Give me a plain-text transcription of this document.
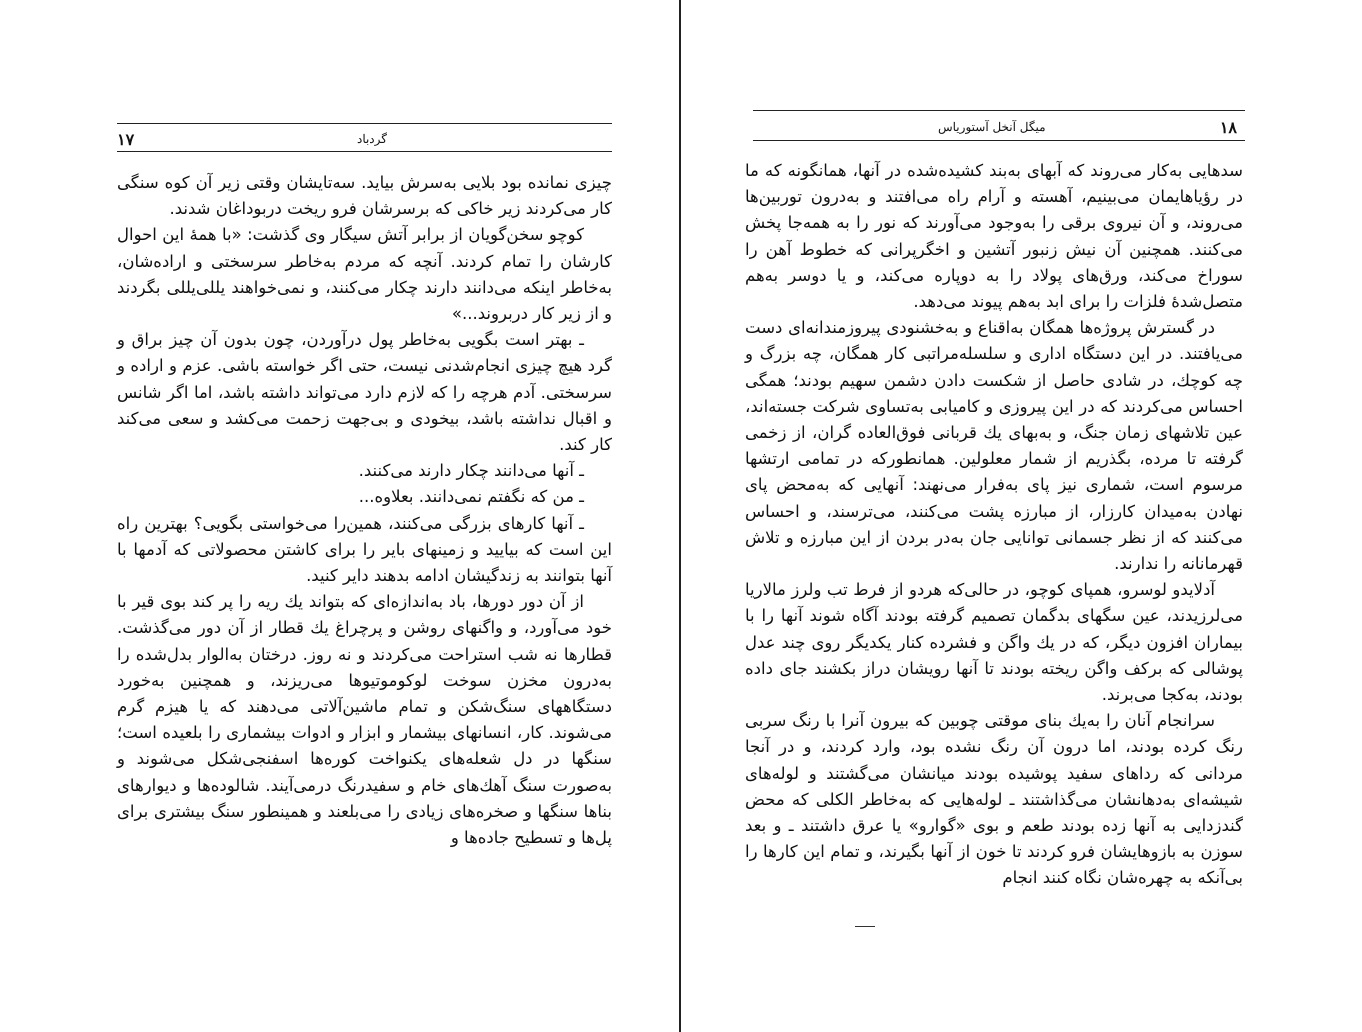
گردباد
۱۷

چیزی نمانده بود بلایی به‌سرش بیاید. سه‌تایشان وقتی زیر آن کوه سنگی کار می‌کردند زیر خاکی که برسرشان فرو ریخت دربوداغان شدند.

کوچو سخن‌گویان از برابر آتش سیگار وی گذشت: «با همهٔ این احوال کارشان را تمام کردند. آنچه که مردم به‌خاطر سرسختی و اراده‌شان، به‌خاطر اینکه می‌دانند دارند چکار می‌کنند، و نمی‌خواهند یللی‌یللی بگردند و از زیر کار دربروند...»

ـ بهتر است بگویی به‌خاطر پول درآوردن، چون بدون آن چیز براق و گرد هیچ چیزی انجام‌شدنی نیست، حتی اگر خواسته باشی. عزم و اراده و سرسختی. آدم هرچه را که لازم دارد می‌تواند داشته باشد، اما اگر شانس و اقبال نداشته باشد، بیخودی و بی‌جهت زحمت می‌کشد و سعی می‌کند کار کند.

ـ آنها می‌دانند چکار دارند می‌کنند.

ـ من که نگفتم نمی‌دانند. بعلاوه...

ـ آنها کارهای بزرگی می‌کنند، همین‌را می‌خواستی بگویی؟ بهترین راه این است که بیایید و زمینهای بایر را برای کاشتن محصولاتی که آدمها با آنها بتوانند به زندگیشان ادامه بدهند دایر کنید.

از آن دور دورها، باد به‌اندازه‌ای که بتواند یك ریه را پر کند بوی قیر با خود می‌آورد، و واگنهای روشن و پرچراغ یك قطار از آن دور می‌گذشت. قطارها نه شب استراحت می‌کردند و نه روز. درختان به‌الوار بدل‌شده را به‌درون مخزن سوخت لوکوموتیوها می‌ریزند، و همچنین به‌خورد دستگاههای سنگ‌شکن و تمام ماشین‌آلاتی می‌دهند که یا هیزم گرم می‌شوند. کار، انسانهای بیشمار و ابزار و ادوات بیشماری را بلعیده است؛ سنگها در دل شعله‌های یکنواخت کوره‌ها اسفنجی‌شکل می‌شوند و به‌صورت سنگ آهك‌های خام و سفیدرنگ درمی‌آیند. شالوده‌ها و دیوارهای بناها سنگها و صخره‌های زیادی را می‌بلعند و همینطور سنگ بیشتری برای پل‌ها و تسطیح جاده‌ها و

۱۸
میگل آنخل آستوریاس

سدهایی به‌کار می‌روند که آبهای به‌بند کشیده‌شده در آنها، همانگونه که ما در رؤیاهایمان می‌بینیم، آهسته و آرام راه می‌افتند و به‌درون توربین‌ها می‌روند، و آن نیروی برقی را به‌وجود می‌آورند که نور را به همه‌جا پخش می‌کنند. همچنین آن نیش زنبور آتشین و اخگرپرانی که خطوط آهن را سوراخ می‌کند، ورق‌های پولاد را به دوپاره می‌کند، و یا دوسر به‌هم متصل‌شدهٔ فلزات را برای ابد به‌هم پیوند می‌دهد.

در گسترش پروژه‌ها همگان به‌اقناع و به‌خشنودی پیروزمندانه‌ای دست می‌یافتند. در این دستگاه اداری و سلسله‌مراتبی کار همگان، چه بزرگ و چه کوچك، در شادی حاصل از شکست دادن دشمن سهیم بودند؛ همگی احساس می‌کردند که در این پیروزی و کامیابی به‌تساوی شرکت جسته‌اند، عین تلاشهای زمان جنگ، و به‌بهای یك قربانی فوق‌العاده گران، از زخمی گرفته تا مرده، بگذریم از شمار معلولین. همانطورکه در تمامی ارتشها مرسوم است، شماری نیز پای به‌فرار می‌نهند: آنهایی که به‌محض پای نهادن به‌میدان کارزار، از مبارزه پشت می‌کنند، می‌ترسند، و احساس می‌کنند که از نظر جسمانی توانایی جان به‌در بردن از این مبارزه و تلاش قهرمانانه را ندارند.

آدلایدو لوسرو، همپای کوچو، در حالی‌که هردو از فرط تب ولرز مالاریا می‌لرزیدند، عین سگهای بدگمان تصمیم گرفته بودند آگاه شوند آنها را با بیماران افزون دیگر، که در یك واگن و فشرده کنار یکدیگر روی چند عدل پوشالی که برکف واگن ریخته بودند تا آنها رویشان دراز بکشند جای داده بودند، به‌کجا می‌برند.

سرانجام آنان را به‌یك بنای موقتی چوبین که بیرون آنرا با رنگ سربی رنگ کرده بودند، اما درون آن رنگ نشده بود، وارد کردند، و در آنجا مردانی که رداهای سفید پوشیده بودند میانشان می‌گشتند و لوله‌های شیشه‌ای به‌دهانشان می‌گذاشتند ـ لوله‌هایی که به‌خاطر الکلی که محض گندزدایی به آنها زده بودند طعم و بوی «گوارو» یا عرق داشتند ـ و بعد سوزن به بازوهایشان فرو کردند تا خون از آنها بگیرند، و تمام این کارها را بی‌آنکه به چهره‌شان نگاه کنند انجام
